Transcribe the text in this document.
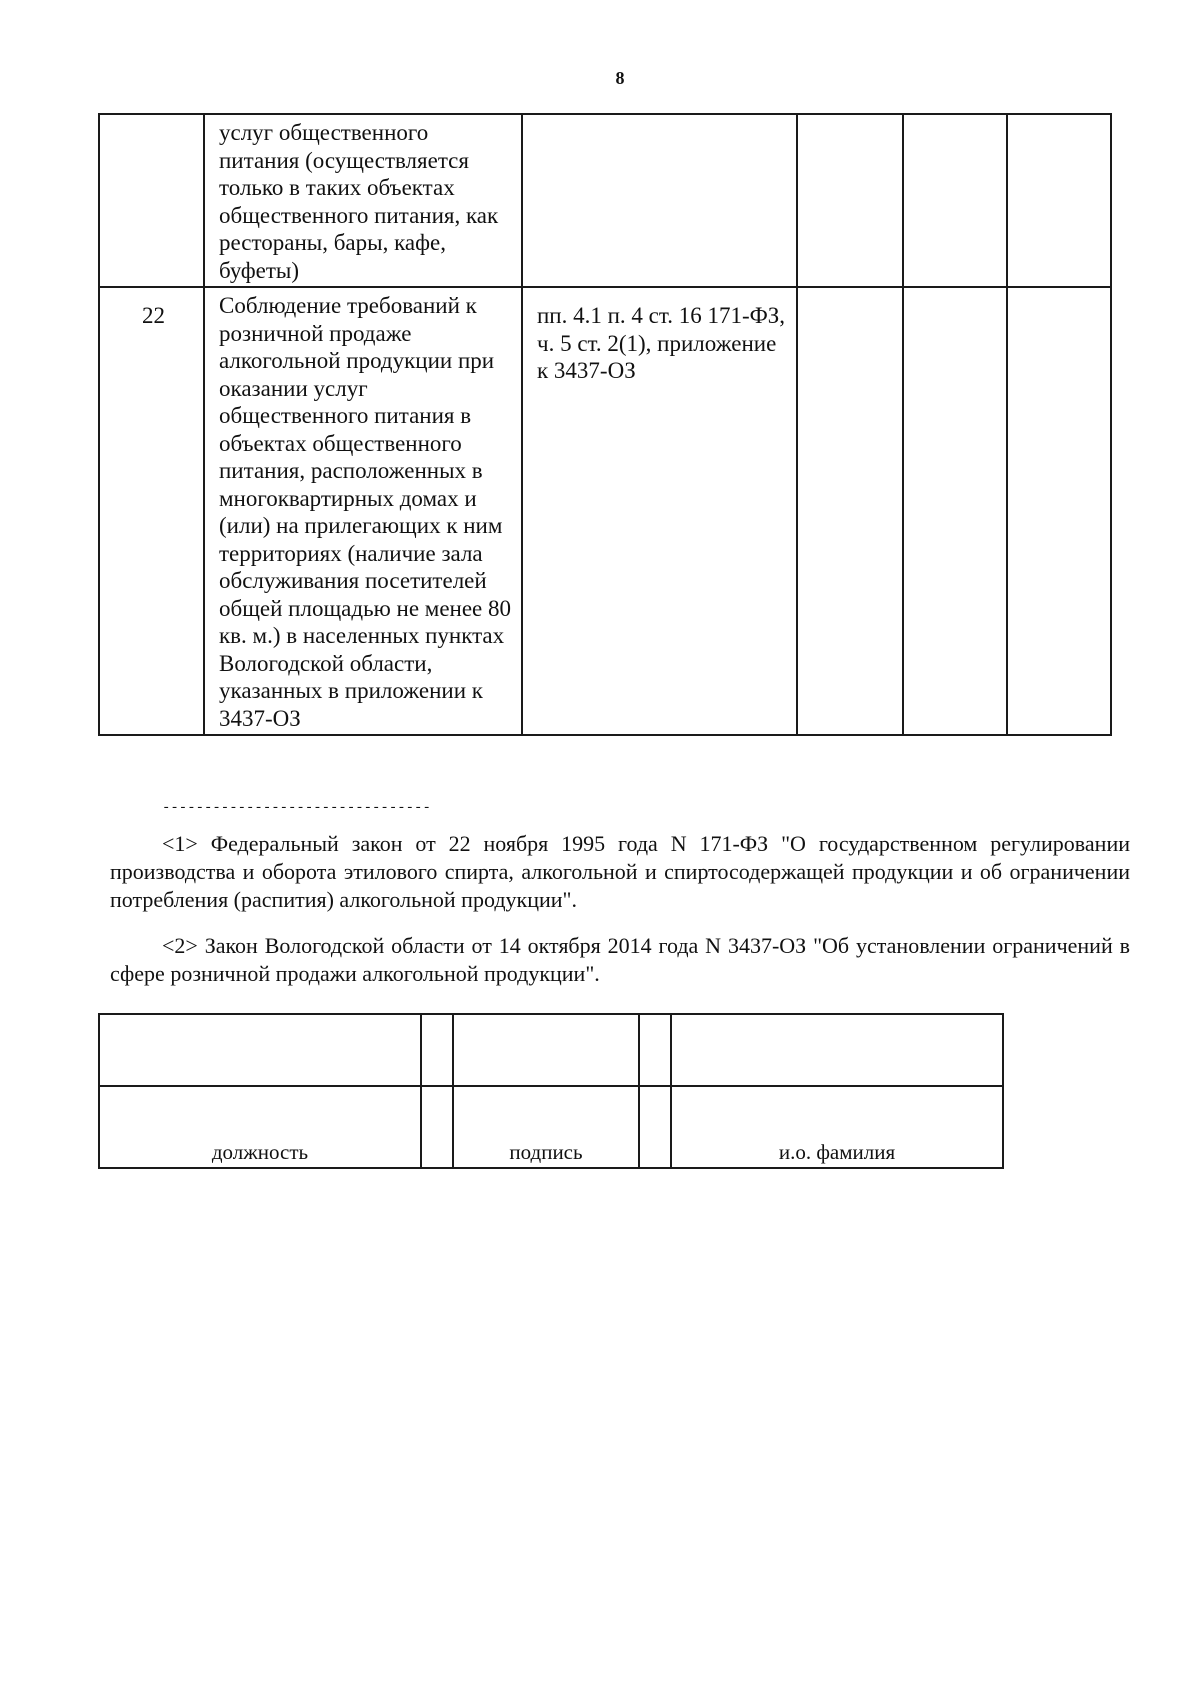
8
	услуг общественного питания (осуществляется только в таких объектах общественного питания, как рестораны, бары, кафе, буфеты)				
22	Соблюдение требований к розничной продаже алкогольной продукции при оказании услуг общественного питания в объектах общественного питания, расположенных в многоквартирных домах и (или) на прилегающих к ним территориях (наличие зала обслуживания посетителей общей площадью не менее 80 кв. м.) в населенных пунктах Вологодской области, указанных в приложении к 3437-ОЗ	пп. 4.1 п. 4 ст. 16 171-ФЗ, ч. 5 ст. 2(1), приложение к 3437-ОЗ			
--------------------------------

<1> Федеральный закон от 22 ноября 1995 года N 171-ФЗ "О государственном регулировании производства и оборота этилового спирта, алкогольной и спиртосодержащей продукции и об ограничении потребления (распития) алкогольной продукции".

<2> Закон Вологодской области от 14 октября 2014 года N 3437-ОЗ "Об установлении ограничений в сфере розничной продажи алкогольной продукции".

должность		подпись		и.о. фамилия
